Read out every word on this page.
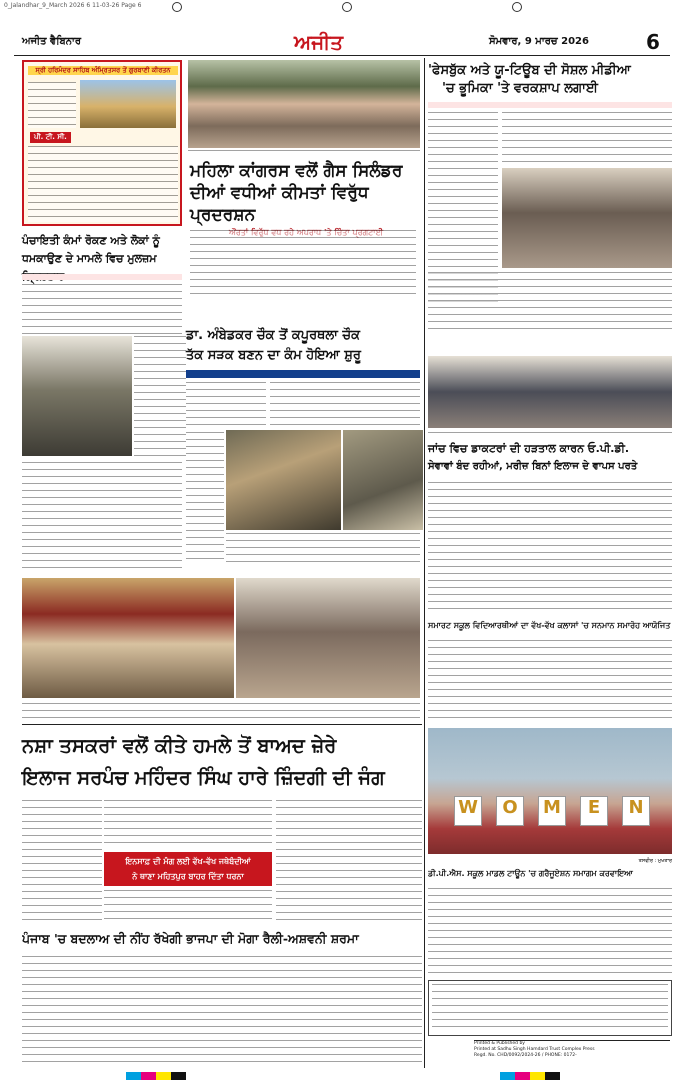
0_Jalandhar_9_March 2026 6 11-03-26 Page 6
ਅਜੀਤ ਵੈਬਿਨਾਰ	ਅਜੀਤ	ਸੋਮਵਾਰ, 9 ਮਾਰਚ 2026	6
ਸ੍ਰੀ ਹਰਿਮੰਦਰ ਸਾਹਿਬ ਅੰਮ੍ਰਿਤਸਰ ਤੋਂ ਗੁਰਬਾਣੀ ਕੀਰਤਨ
ਪੀ. ਟੀ. ਸੀ.
ਮਹਿਲਾ ਕਾਂਗਰਸ ਵਲੋਂ ਗੈਸ ਸਿਲੰਡਰ
ਦੀਆਂ ਵਧੀਆਂ ਕੀਮਤਾਂ ਵਿਰੁੱਧ ਪ੍ਰਦਰਸ਼ਨ
ਪੰਚਾਇਤੀ ਕੰਮਾਂ ਰੋਕਣ ਅਤੇ ਲੋਕਾਂ ਨੂੰ
ਧਮਕਾਉਣ ਦੇ ਮਾਮਲੇ ਵਿਚ ਮੁਲਜ਼ਮ
ਡਾ. ਅੰਬੇਡਕਰ ਚੌਕ ਤੋਂ ਕਪੂਰਥਲਾ ਚੌਕ
ਤੱਕ ਸੜਕ ਬਣਨ ਦਾ ਕੰਮ ਹੋਇਆ ਸ਼ੁਰੂ
'ਫੇਸਬੁੱਕ ਅਤੇ ਯੂ-ਟਿਊਬ ਦੀ ਸੋਸ਼ਲ ਮੀਡੀਆ
'ਚ ਭੂਮਿਕਾ 'ਤੇ ਵਰਕਸ਼ਾਪ ਲਗਾਈ
ਜਾਂਚ ਵਿਚ ਡਾਕਟਰਾਂ ਦੀ ਹੜਤਾਲ ਕਾਰਨ ਓ.ਪੀ.ਡੀ.
ਸੇਵਾਵਾਂ ਬੰਦ ਰਹੀਆਂ, ਮਰੀਜ਼ ਬਿਨਾਂ ਇਲਾਜ ਦੇ ਵਾਪਸ ਪਰਤੇ
ਸਮਾਰਟ ਸਕੂਲ ਵਿਦਿਆਰਥੀਆਂ ਦਾ ਵੱਖ-ਵੱਖ ਕਲਾਸਾਂ 'ਚ ਸਨਮਾਨ ਸਮਾਰੋਹ ਆਯੋਜਿਤ
ਨਸ਼ਾ ਤਸਕਰਾਂ ਵਲੋਂ ਕੀਤੇ ਹਮਲੇ ਤੋਂ ਬਾਅਦ ਜ਼ੇਰੇ
ਇਲਾਜ ਸਰਪੰਚ ਮਹਿੰਦਰ ਸਿੰਘ ਹਾਰੇ ਜ਼ਿੰਦਗੀ ਦੀ ਜੰਗ
ਇਨਸਾਫ਼ ਦੀ ਮੰਗ ਲਈ ਵੱਖ-ਵੱਖ ਜਥੇਬੰਦੀਆਂ
ਨੇ ਥਾਣਾ ਮਹਿਤਪੁਰ ਬਾਹਰ ਦਿੱਤਾ ਧਰਨਾ
W	O	M	E	N
ਤਸਵੀਰ : ਮੁਖਤਾਰ
ਡੀ.ਪੀ.ਐਸ. ਸਕੂਲ ਮਾਡਲ ਟਾਊਨ 'ਚ ਗਰੈਜੂਏਸ਼ਨ ਸਮਾਗਮ ਕਰਵਾਇਆ
ਪੰਜਾਬ 'ਚ ਬਦਲਾਅ ਦੀ ਨੀਂਹ ਰੱਖੇਗੀ ਭਾਜਪਾ ਦੀ ਮੋਗਾ ਰੈਲੀ-ਅਸ਼ਵਨੀ ਸ਼ਰਮਾ
Printed & Published by
Printed at Sadhu Singh Hamdard Trust Complex Press
Regd. No. CHD/0092/2024-26 / PHONE: 0172-
